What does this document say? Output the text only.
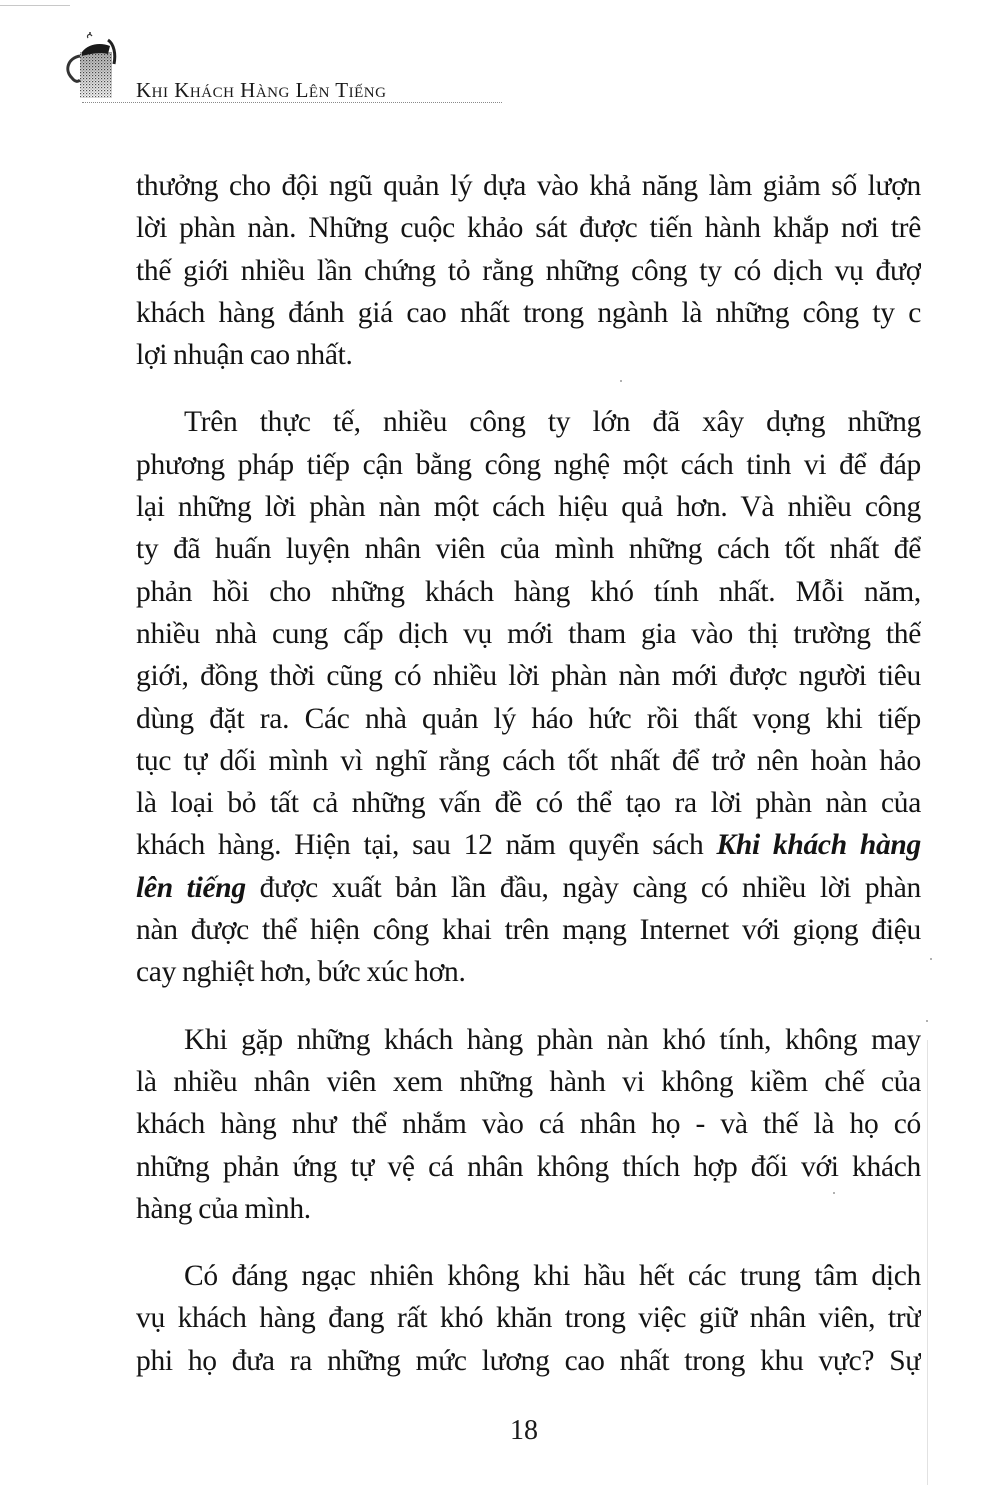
Khi Khách Hàng Lên Tiếng

thưởng cho đội ngũ quản lý dựa vào khả năng làm giảm số lượn
lời phàn nàn. Những cuộc khảo sát được tiến hành khắp nơi trê
thế giới nhiều lần chứng tỏ rằng những công ty có dịch vụ đượ
khách hàng đánh giá cao nhất trong ngành là những công ty c
lợi nhuận cao nhất.

Trên thực tế, nhiều công ty lớn đã xây dựng những
phương pháp tiếp cận bằng công nghệ một cách tinh vi để đáp
lại những lời phàn nàn một cách hiệu quả hơn. Và nhiều công
ty đã huấn luyện nhân viên của mình những cách tốt nhất để
phản hồi cho những khách hàng khó tính nhất. Mỗi năm,
nhiều nhà cung cấp dịch vụ mới tham gia vào thị trường thế
giới, đồng thời cũng có nhiều lời phàn nàn mới được người tiêu
dùng đặt ra. Các nhà quản lý háo hức rồi thất vọng khi tiếp
tục tự dối mình vì nghĩ rằng cách tốt nhất để trở nên hoàn hảo
là loại bỏ tất cả những vấn đề có thể tạo ra lời phàn nàn của
khách hàng. Hiện tại, sau 12 năm quyển sách Khi khách hàng
lên tiếng được xuất bản lần đầu, ngày càng có nhiều lời phàn
nàn được thể hiện công khai trên mạng Internet với giọng điệu
cay nghiệt hơn, bức xúc hơn.

Khi gặp những khách hàng phàn nàn khó tính, không may
là nhiều nhân viên xem những hành vi không kiềm chế của
khách hàng như thể nhắm vào cá nhân họ - và thế là họ có
những phản ứng tự vệ cá nhân không thích hợp đối với khách
hàng của mình.

Có đáng ngạc nhiên không khi hầu hết các trung tâm dịch
vụ khách hàng đang rất khó khăn trong việc giữ nhân viên, trừ
phi họ đưa ra những mức lương cao nhất trong khu vực? Sự

18
